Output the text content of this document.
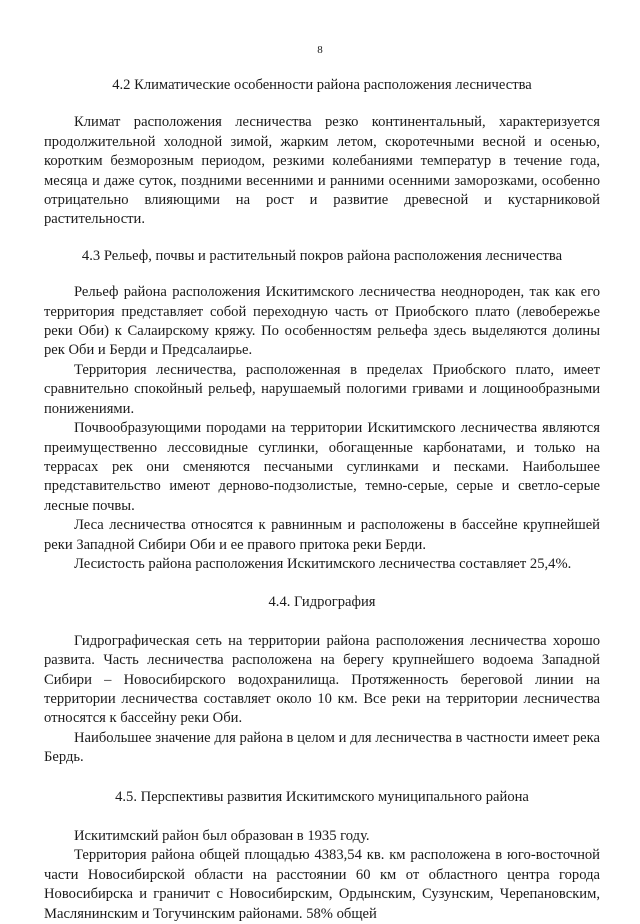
8
4.2 Климатические особенности района расположения лесничества

Климат расположения лесничества резко континентальный, характеризуется продолжительной холодной зимой, жарким летом, скоротечными весной и осенью, коротким безморозным периодом, резкими колебаниями температур в течение года, месяца и даже суток, поздними весенними и ранними осенними заморозками, особенно отрицательно влияющими на рост и развитие древесной и кустарниковой растительности.

4.3 Рельеф, почвы и растительный покров района расположения лесничества

Рельеф района расположения Искитимского лесничества неоднороден, так как его территория представляет собой переходную часть от Приобского плато (левобережье реки Оби) к Салаирскому кряжу. По особенностям рельефа здесь выделяются долины рек Оби и Берди и Предсалаирье.

Территория лесничества, расположенная в пределах Приобского плато, имеет сравнительно спокойный рельеф, нарушаемый пологими гривами и лощинообразными понижениями.

Почвообразующими породами на территории Искитимского лесничества являются преимущественно лессовидные суглинки, обогащенные карбонатами, и только на террасах рек они сменяются песчаными суглинками и песками. Наибольшее представительство имеют дерново-подзолистые, темно-серые, серые и светло-серые лесные почвы.

Леса лесничества относятся к равнинным и расположены в бассейне крупнейшей реки Западной Сибири Оби и ее правого притока реки Берди.

Лесистость района расположения Искитимского лесничества составляет 25,4%.

4.4. Гидрография

Гидрографическая сеть на территории района расположения лесничества хорошо развита. Часть лесничества расположена на берегу крупнейшего водоема Западной Сибири – Новосибирского водохранилища. Протяженность береговой линии на территории лесничества составляет около 10 км. Все реки на территории лесничества относятся к бассейну реки Оби.

Наибольшее значение для района в целом и для лесничества в частности имеет река Бердь.

4.5. Перспективы развития Искитимского муниципального района

Искитимский район был образован в 1935 году.

Территория района общей площадью 4383,54 кв. км расположена в юго-восточной части Новосибирской области на расстоянии 60 км от областного центра города Новосибирска и граничит с Новосибирским, Ордынским, Сузунским, Черепановским, Маслянинским и Тогучинским районами. 58% общей
